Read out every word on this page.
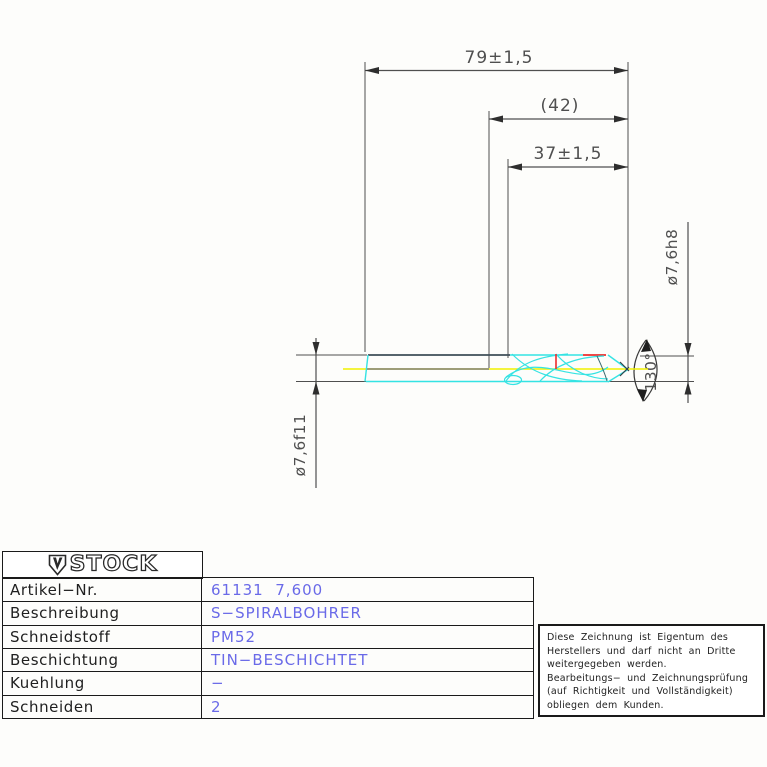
79±1,5
(42)
37±1,5
ø7,6h8
ø7,6f11
130°
STOCK
Artikel−Nr.	61131  7,600
Beschreibung	S−SPIRALBOHRER
Schneidstoff	PM52
Beschichtung	TIN−BESCHICHTET
Kuehlung	−
Schneiden	2
Diese Zeichnung ist Eigentum des
Herstellers und darf nicht an Dritte
weitergegeben werden.
Bearbeitungs− und Zeichnungsprüfung
(auf Richtigkeit und Vollständigkeit)
obliegen dem Kunden.
